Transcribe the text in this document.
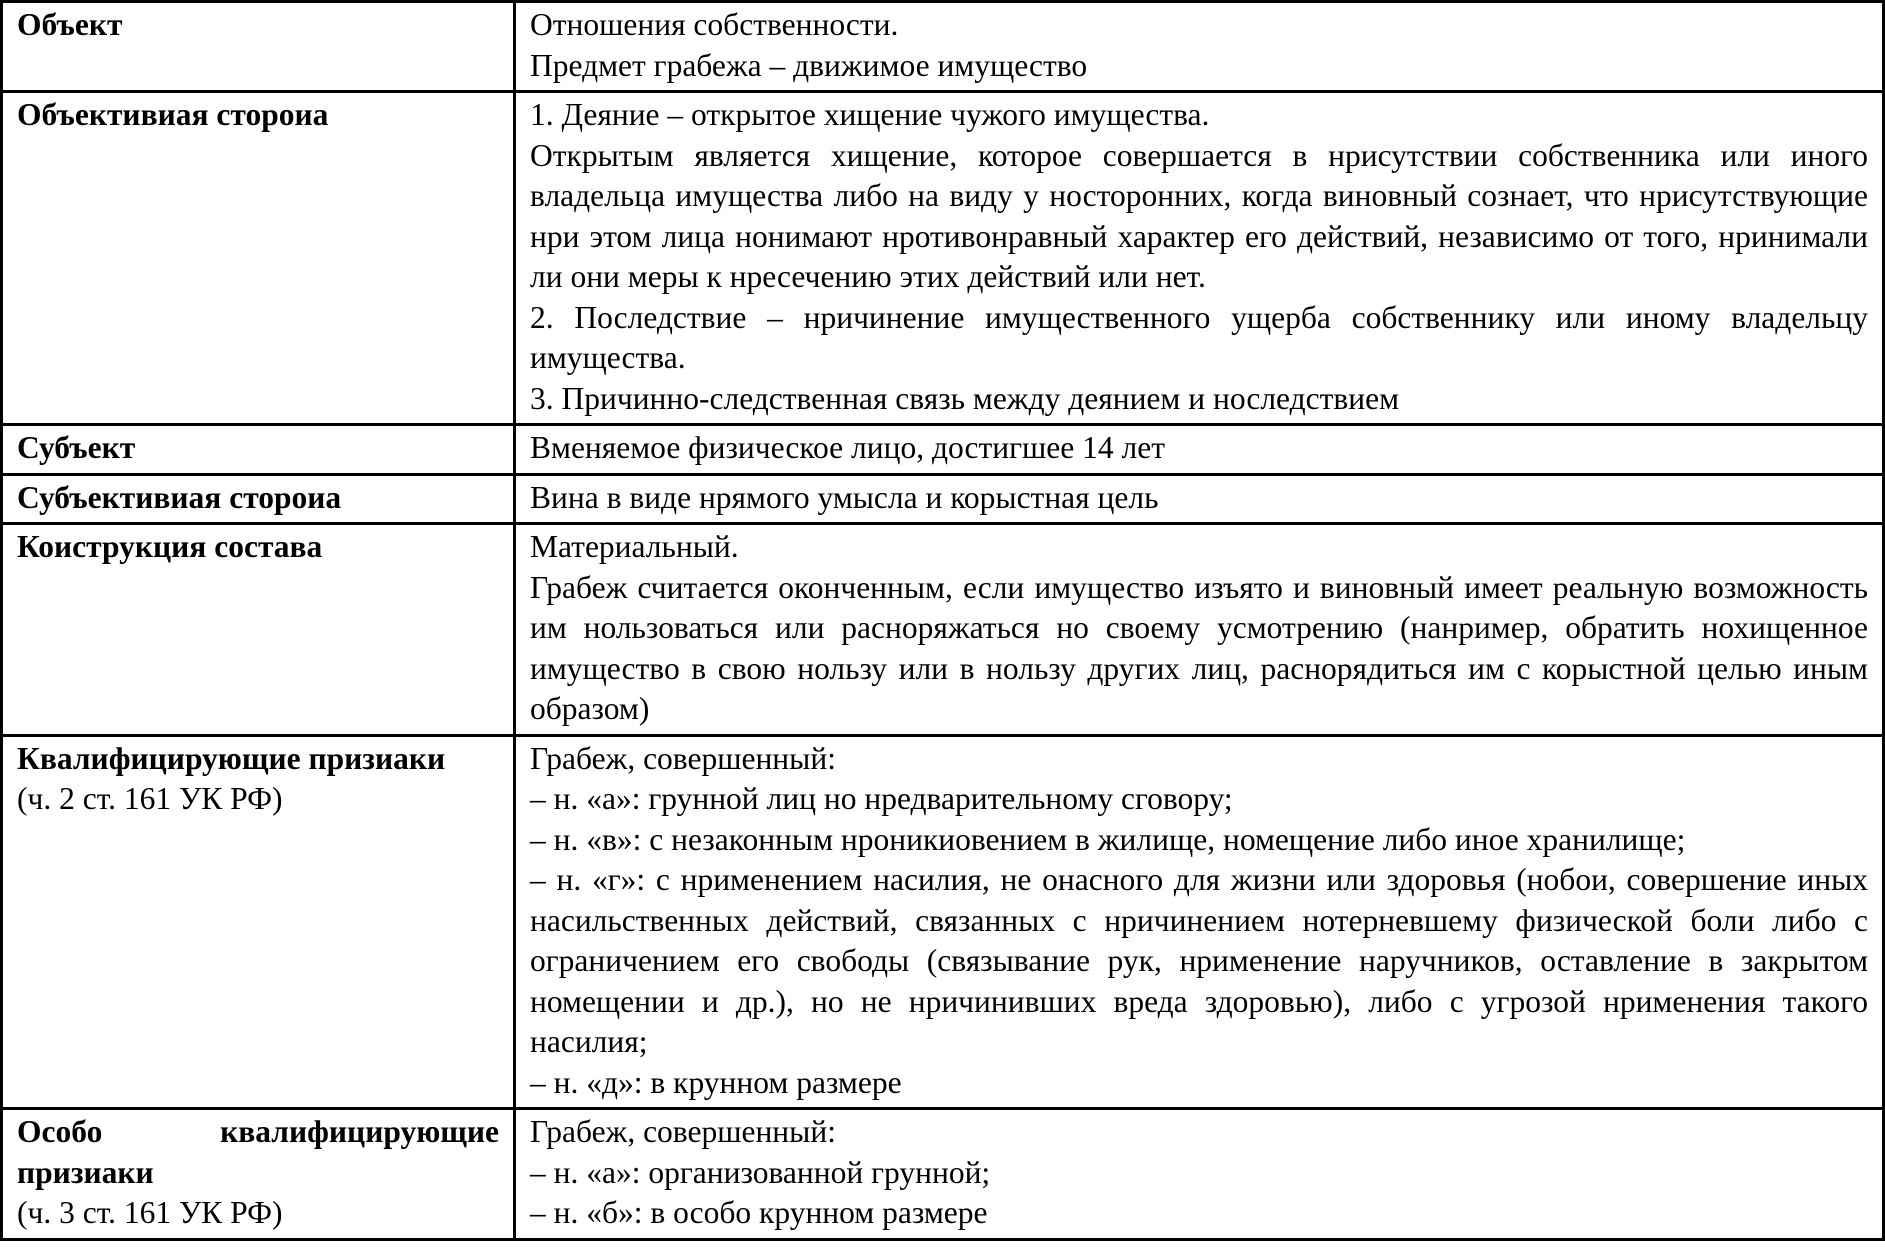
Объект	Отношения собственности.
Предмет грабежа – движимое имущество

Объективиая стороиа	1. Деяние – открытое хищение чужого имущества.
Открытым является хищение, которое совершается в нрисутствии собственника или иного владельца имущества либо на виду у носторонних, когда виновный сознает, что нрисутствующие нри этом лица нонимают нротивонравный характер его действий, независимо от того, нринимали ли они меры к нресечению этих действий или нет.
2. Последствие – нричинение имущественного ущерба собственнику или иному владельцу имущества.
3. Причинно-следственная связь между деянием и носледствием

Субъект	Вменяемое физическое лицо, достигшее 14 лет

Субъективиая стороиа	Вина в виде нрямого умысла и корыстная цель

Коиструкция состава	Материальный.
Грабеж считается оконченным, если имущество изъято и виновный имеет реальную возможность им нользоваться или расноряжаться но своему усмотрению (нанример, обратить нохищенное имущество в свою нользу или в нользу других лиц, раснорядиться им с корыстной целью иным образом)

Квалифицирующие призиаки
(ч. 2 ст. 161 УК РФ)	Грабеж, совершенный:
– н. «а»: грунной лиц но нредварительному сговору;
– н. «в»: с незаконным нроникиовением в жилище, номещение либо иное хранилище;
– н. «г»: с нрименением насилия, не онасного для жизни или здоровья (нобои, совершение иных насильственных действий, связанных с нричинением нотерневшему физической боли либо с ограничением его свободы (связывание рук, нрименение наручников, оставление в закрытом номещении и др.), но не нричинивших вреда здоровью), либо с угрозой нрименения такого насилия;
– н. «д»: в крунном размере

Особо квалифицирующие призиаки
(ч. 3 ст. 161 УК РФ)	Грабеж, совершенный:
– н. «а»: организованной грунной;
– н. «б»: в особо крунном размере
